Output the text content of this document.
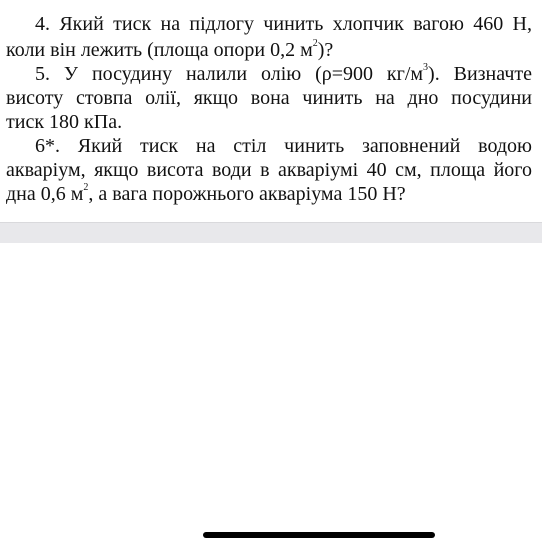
4. Який тиск на підлогу чинить хлопчик вагою 460 Н,
коли він лежить (площа опори 0,2 $м^2$)?
5. У посудину налили олію (ρ=900 $кг/м^3$). Визначте
висоту стовпа олії, якщо вона чинить на дно посудини
тиск 180 кПа.
6*. Який тиск на стіл чинить заповнений водою
акваріум, якщо висота води в акваріумі 40 см, площа його
дна 0,6 $м^2$, а вага порожнього акваріума 150 Н?
